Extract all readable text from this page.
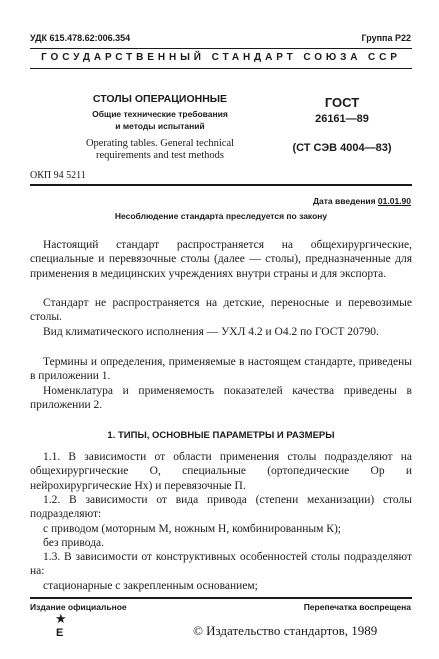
УДК 615.478.62:006.354	Группа Р22
ГОСУДАРСТВЕННЫЙ СТАНДАРТ СОЮЗА ССР
СТОЛЫ ОПЕРАЦИОННЫЕ
Общие технические требования
и методы испытаний
Operating tables. General technical
requirements and test methods
ГОСТ
26161—89
(СТ СЭВ 4004—83)
ОКП 94 5211
Дата введения 01.01.90
Несоблюдение стандарта преследуется по закону
Настоящий стандарт распространяется на общехирургические, специальные и перевязочные столы (далее — столы), предназначенные для применения в медицинских учреждениях внутри страны и для экспорта.
Стандарт не распространяется на детские, переносные и перевозимые столы.
Вид климатического исполнения — УХЛ 4.2 и О4.2 по ГОСТ 20790.
Термины и определения, применяемые в настоящем стандарте, приведены в приложении 1.
Номенклатура и применяемость показателей качества приведены в приложении 2.
1. ТИПЫ, ОСНОВНЫЕ ПАРАМЕТРЫ И РАЗМЕРЫ
1.1. В зависимости от области применения столы подразделяют на общехирургические О, специальные (ортопедические Ор и нейрохирургические Нх) и перевязочные П.
1.2. В зависимости от вида привода (степени механизации) столы подразделяют:
с приводом (моторным М, ножным Н, комбинированным К);
без привода.
1.3. В зависимости от конструктивных особенностей столы подразделяют на:
стационарные с закрепленным основанием;
Издание официальное	Перепечатка воспрещена
★
Е	© Издательство стандартов, 1989
